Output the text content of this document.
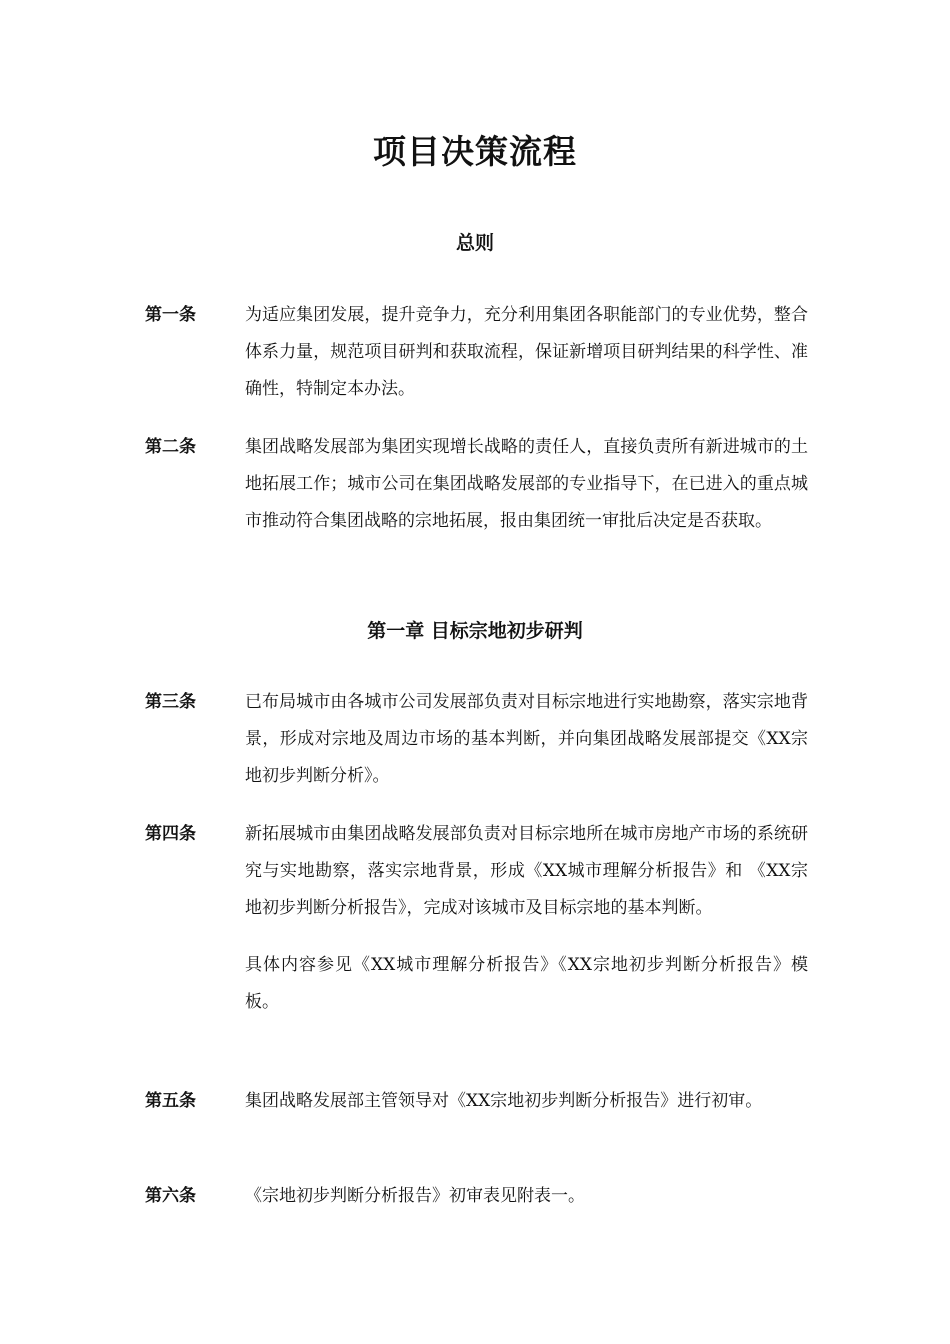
项目决策流程
总则
第一条	为适应集团发展，提升竞争力，充分利用集团各职能部门的专业优势，整合体系力量，规范项目研判和获取流程，保证新增项目研判结果的科学性、准确性，特制定本办法。

第二条	集团战略发展部为集团实现增长战略的责任人，直接负责所有新进城市的土地拓展工作；城市公司在集团战略发展部的专业指导下，在已进入的重点城市推动符合集团战略的宗地拓展，报由集团统一审批后决定是否获取。

第一章 目标宗地初步研判
第三条	已布局城市由各城市公司发展部负责对目标宗地进行实地勘察，落实宗地背景，形成对宗地及周边市场的基本判断，并向集团战略发展部提交《XX宗地初步判断分析》。

第四条	新拓展城市由集团战略发展部负责对目标宗地所在城市房地产市场的系统研究与实地勘察，落实宗地背景，形成《XX城市理解分析报告》和 《XX宗地初步判断分析报告》，完成对该城市及目标宗地的基本判断。

具体内容参见《XX城市理解分析报告》《XX宗地初步判断分析报告》模板。

第五条	集团战略发展部主管领导对《XX宗地初步判断分析报告》进行初审。

第六条	《宗地初步判断分析报告》初审表见附表一。
